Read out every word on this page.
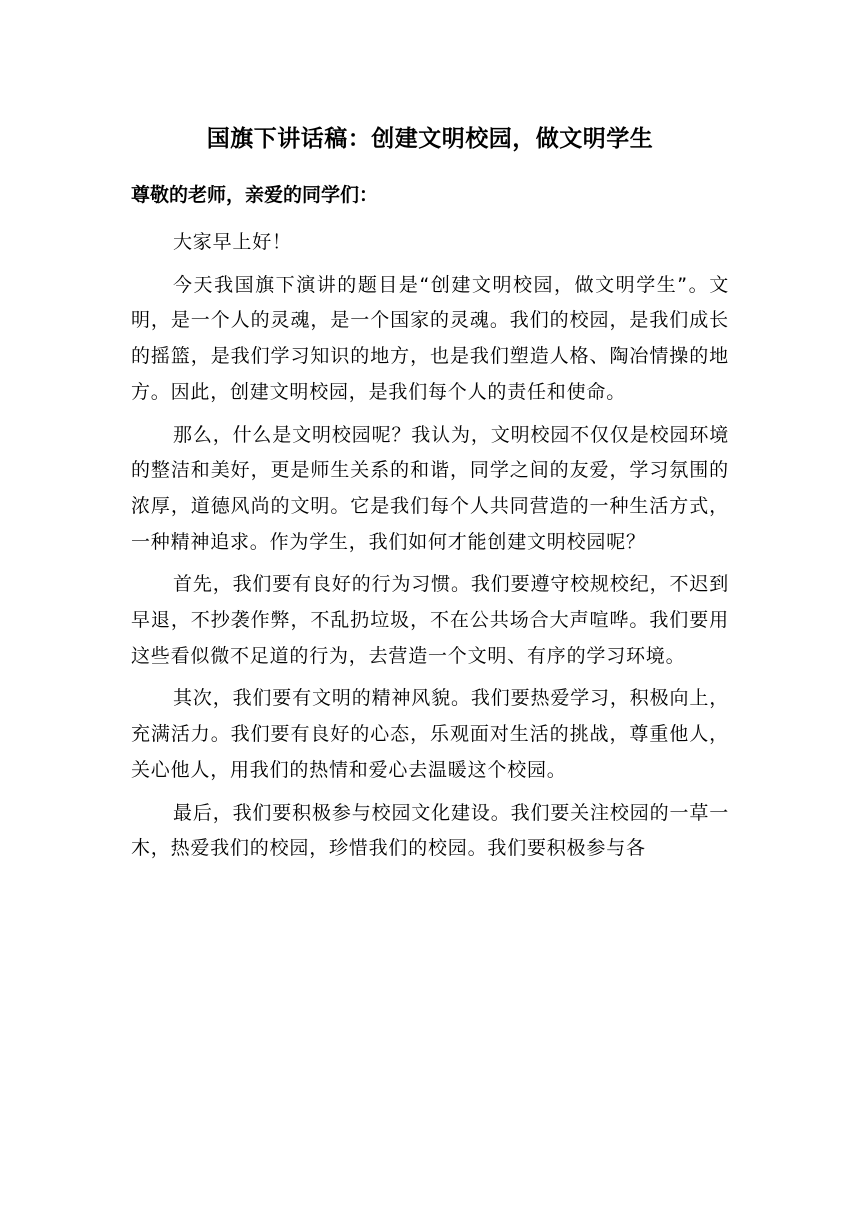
国旗下讲话稿：创建文明校园，做文明学生

尊敬的老师，亲爱的同学们：

大家早上好！

今天我国旗下演讲的题目是“创建文明校园，做文明学生”。文明，是一个人的灵魂，是一个国家的灵魂。我们的校园，是我们成长的摇篮，是我们学习知识的地方，也是我们塑造人格、陶冶情操的地方。因此，创建文明校园，是我们每个人的责任和使命。

那么，什么是文明校园呢？我认为，文明校园不仅仅是校园环境的整洁和美好，更是师生关系的和谐，同学之间的友爱，学习氛围的浓厚，道德风尚的文明。它是我们每个人共同营造的一种生活方式，一种精神追求。作为学生，我们如何才能创建文明校园呢？

首先，我们要有良好的行为习惯。我们要遵守校规校纪，不迟到早退，不抄袭作弊，不乱扔垃圾，不在公共场合大声喧哗。我们要用这些看似微不足道的行为，去营造一个文明、有序的学习环境。

其次，我们要有文明的精神风貌。我们要热爱学习，积极向上，充满活力。我们要有良好的心态，乐观面对生活的挑战，尊重他人，关心他人，用我们的热情和爱心去温暖这个校园。

最后，我们要积极参与校园文化建设。我们要关注校园的一草一木，热爱我们的校园，珍惜我们的校园。我们要积极参与各
